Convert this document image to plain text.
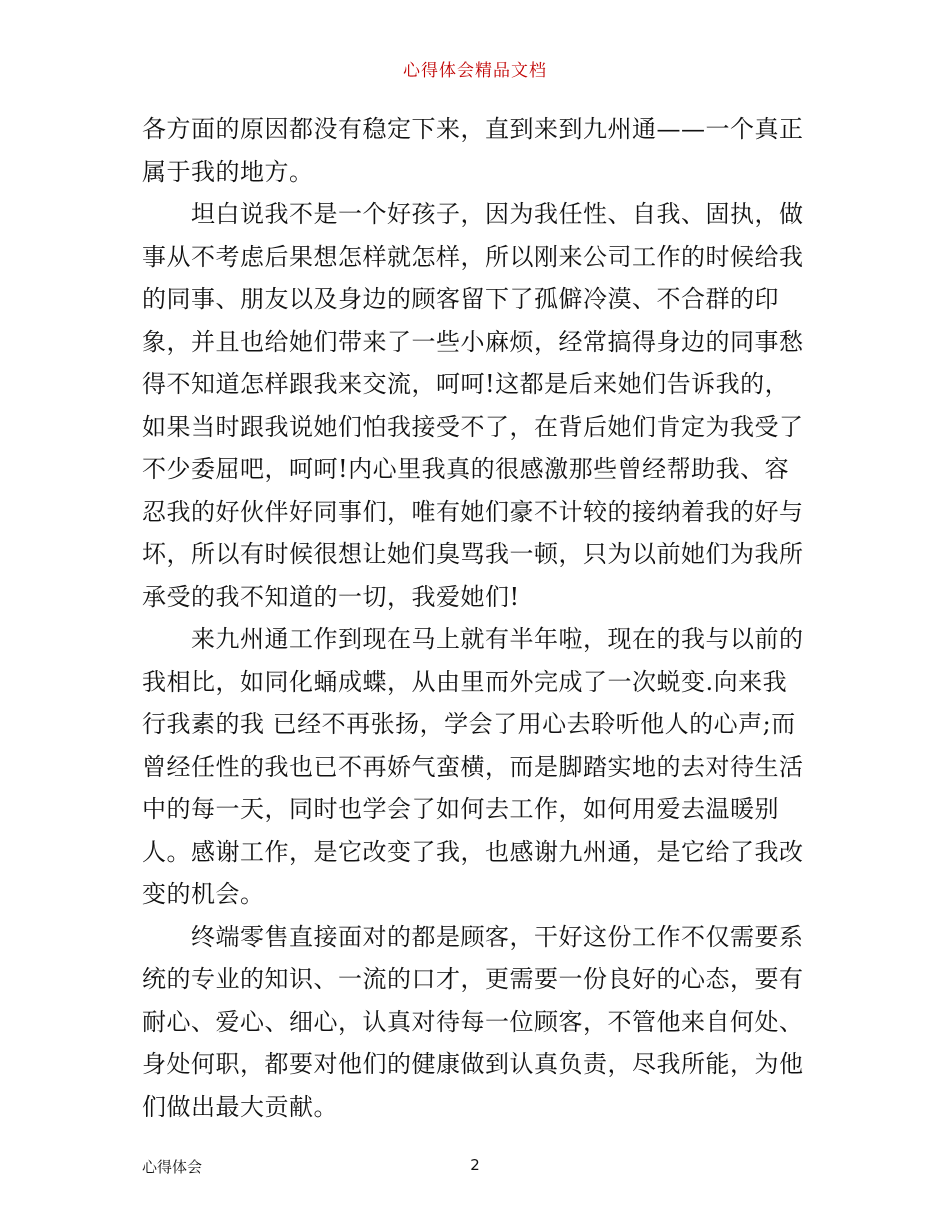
心得体会精品文档
各方面的原因都没有稳定下来，直到来到九州通——一个真正
属于我的地方。
　　坦白说我不是一个好孩子，因为我任性、自我、固执，做
事从不考虑后果想怎样就怎样，所以刚来公司工作的时候给我
的同事、朋友以及身边的顾客留下了孤僻冷漠、不合群的印
象，并且也给她们带来了一些小麻烦，经常搞得身边的同事愁
得不知道怎样跟我来交流，呵呵!这都是后来她们告诉我的，
如果当时跟我说她们怕我接受不了，在背后她们肯定为我受了
不少委屈吧，呵呵!内心里我真的很感激那些曾经帮助我、容
忍我的好伙伴好同事们，唯有她们豪不计较的接纳着我的好与
坏，所以有时候很想让她们臭骂我一顿，只为以前她们为我所
承受的我不知道的一切，我爱她们!
　　来九州通工作到现在马上就有半年啦，现在的我与以前的
我相比，如同化蛹成蝶，从由里而外完成了一次蜕变.向来我
行我素的我 已经不再张扬，学会了用心去聆听他人的心声;而
曾经任性的我也已不再娇气蛮横，而是脚踏实地的去对待生活
中的每一天，同时也学会了如何去工作，如何用爱去温暖别
人。感谢工作，是它改变了我，也感谢九州通，是它给了我改
变的机会。
　　终端零售直接面对的都是顾客，干好这份工作不仅需要系
统的专业的知识、一流的口才，更需要一份良好的心态，要有
耐心、爱心、细心，认真对待每一位顾客，不管他来自何处、
身处何职，都要对他们的健康做到认真负责，尽我所能，为他
们做出最大贡献。
心得体会	2
